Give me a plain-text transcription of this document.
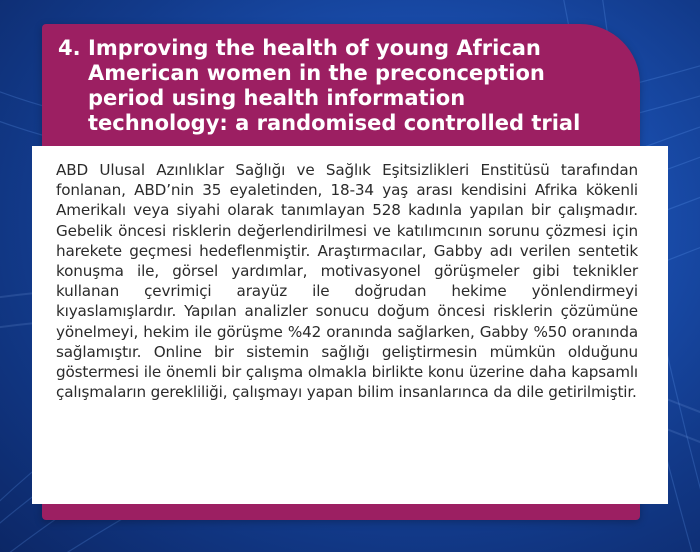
4. Improving the health of young African
American women in the preconception
period using health information
technology: a randomised controlled trial

ABD Ulusal Azınlıklar Sağlığı ve Sağlık Eşitsizlikleri Enstitüsü tarafından fonlanan, ABD’nin 35 eyaletinden, 18-34 yaş arası kendisini Afrika kökenli Amerikalı veya siyahi olarak tanımlayan 528 kadınla yapılan bir çalışmadır. Gebelik öncesi risklerin değerlendirilmesi ve katılımcının sorunu çözmesi için harekete geçmesi hedeflenmiştir. Araştırmacılar, Gabby adı verilen sentetik konuşma ile, görsel yardımlar, motivasyonel görüşmeler gibi teknikler kullanan çevrimiçi arayüz ile doğrudan hekime yönlendirmeyi kıyaslamışlardır. Yapılan analizler sonucu doğum öncesi risklerin çözümüne yönelmeyi, hekim ile görüşme %42 oranında sağlarken, Gabby %50 oranında sağlamıştır. Online bir sistemin sağlığı geliştirmesin mümkün olduğunu göstermesi ile önemli bir çalışma olmakla birlikte konu üzerine daha kapsamlı çalışmaların gerekliliği, çalışmayı yapan bilim insanlarınca da dile getirilmiştir.
